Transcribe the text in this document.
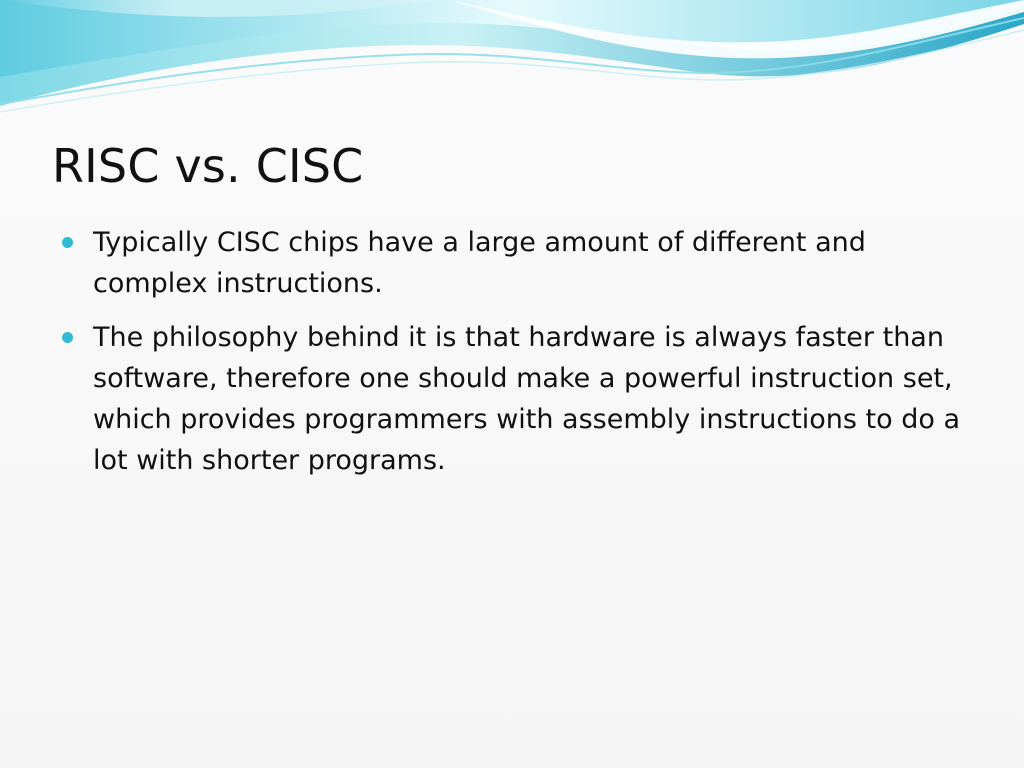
RISC vs. CISC
Typically CISC chips have a large amount of different and complex instructions.
The philosophy behind it is that hardware is always faster than software, therefore one should make a powerful instruction set, which provides programmers with assembly instructions to do a lot with shorter programs.
